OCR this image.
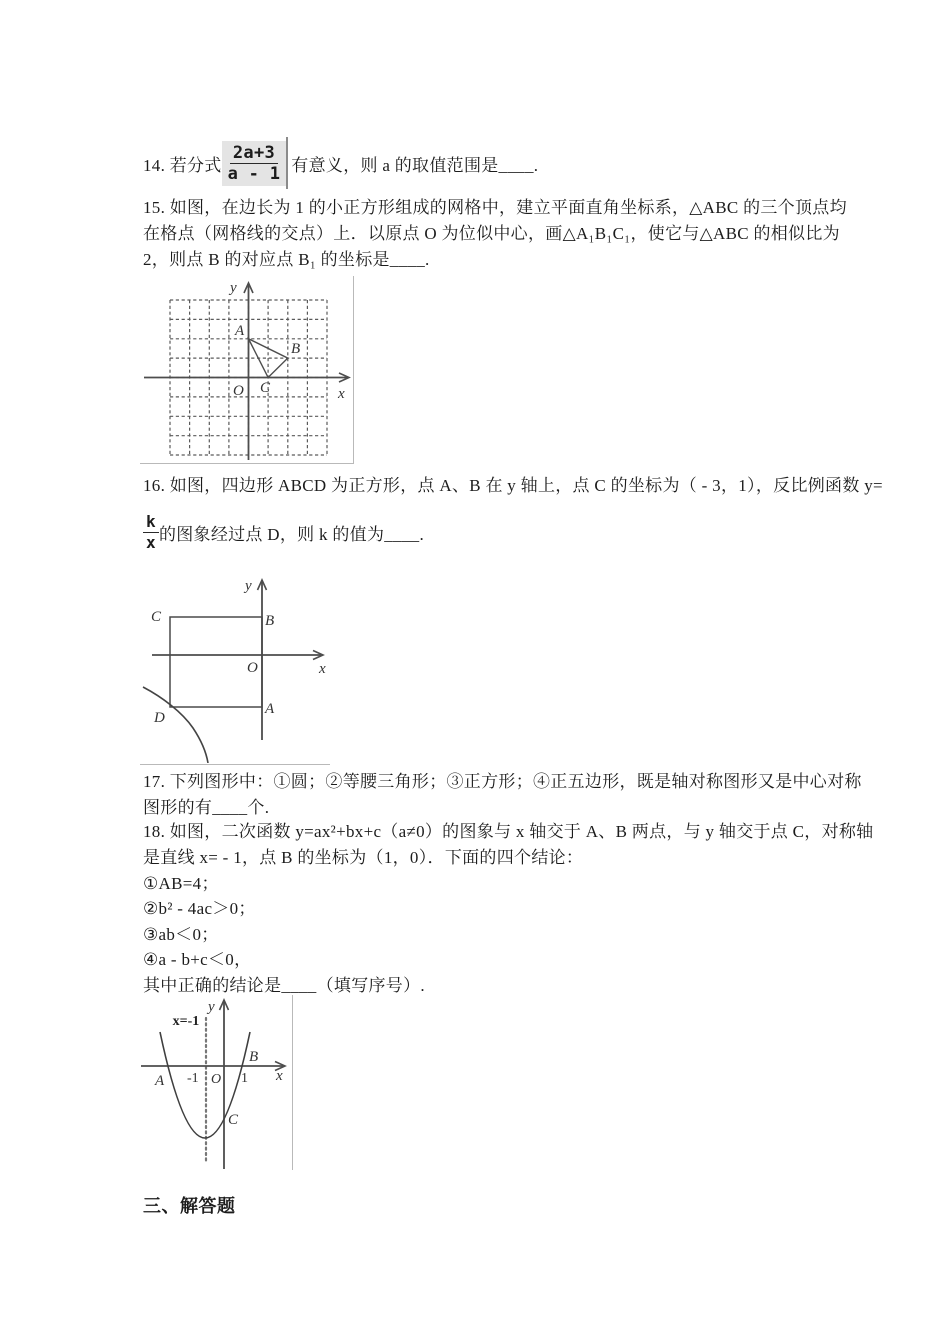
14. 若分式 $\frac{2a+3}{a - 1}$ 有意义，则 a 的取值范围是____.
15. 如图，在边长为 1 的小正方形组成的网格中，建立平面直角坐标系，△ABC 的三个顶点均
在格点（网格线的交点）上．以原点 O 为位似中心，画△A₁B₁C₁，使它与△ABC 的相似比为
2，则点 B 的对应点 B₁ 的坐标是____.
y
x
O
A
B
C
16. 如图，四边形 ABCD 为正方形，点 A、B 在 y 轴上，点 C 的坐标为（ - 3，1），反比例函数 y=
$\frac{k}{x}$ 的图象经过点 D，则 k 的值为____.
y
x
O
B
C
A
D
17. 下列图形中：①圆；②等腰三角形；③正方形；④正五边形，既是轴对称图形又是中心对称
图形的有____个.
18. 如图，二次函数 y=ax²+bx+c（a≠0）的图象与 x 轴交于 A、B 两点，与 y 轴交于点 C，对称轴
是直线 x= - 1，点 B 的坐标为（1，0）．下面的四个结论：
①AB=4；
②b² - 4ac＞0；
③ab＜0；
④a - b+c＜0，
其中正确的结论是____（填写序号）.
x=-1
y
x
O
A -1	1
B
C
三、解答题
